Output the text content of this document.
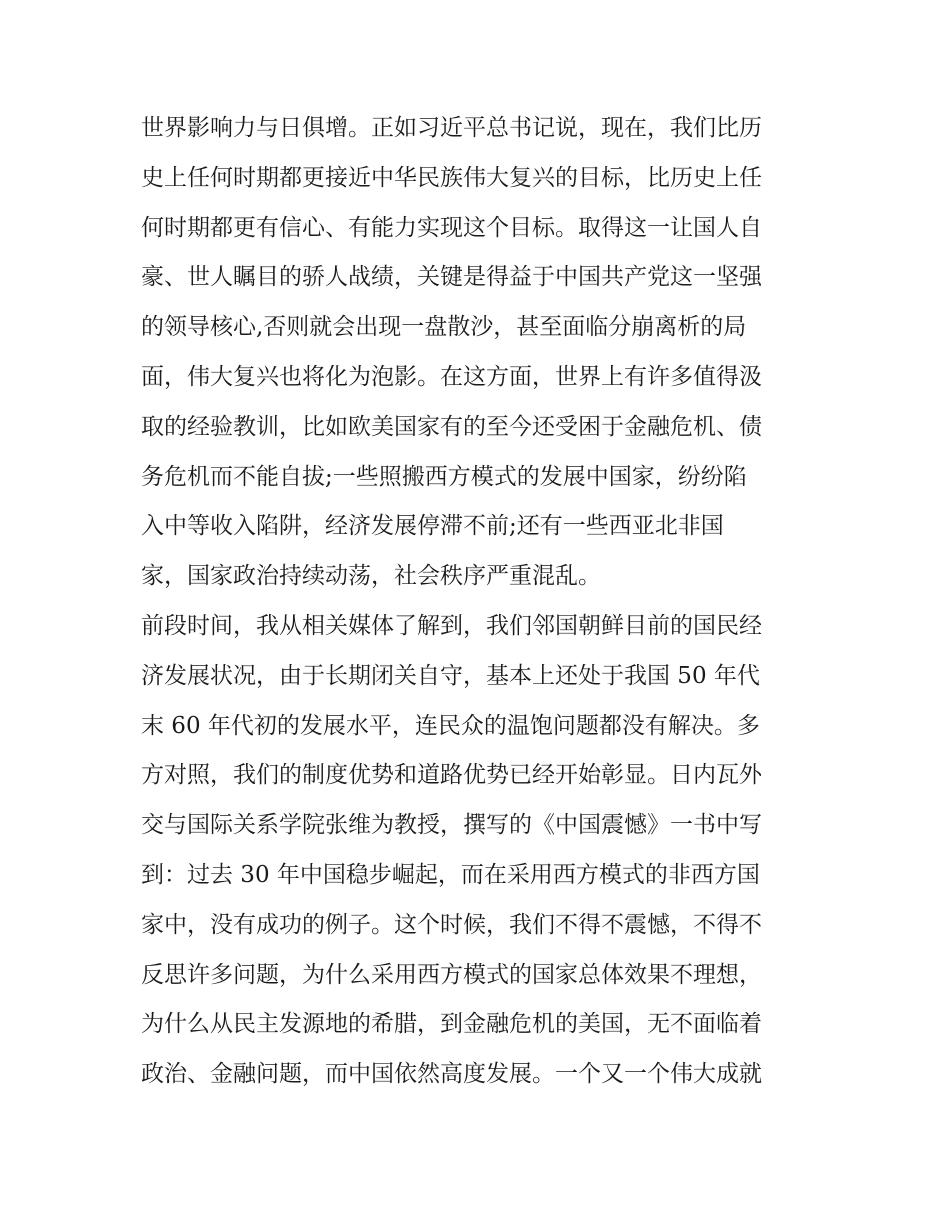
世界影响力与日俱增。正如习近平总书记说，现在，我们比历
史上任何时期都更接近中华民族伟大复兴的目标，比历史上任
何时期都更有信心、有能力实现这个目标。取得这一让国人自
豪、世人瞩目的骄人战绩，关键是得益于中国共产党这一坚强
的领导核心,否则就会出现一盘散沙，甚至面临分崩离析的局
面，伟大复兴也将化为泡影。在这方面，世界上有许多值得汲
取的经验教训，比如欧美国家有的至今还受困于金融危机、债
务危机而不能自拔;一些照搬西方模式的发展中国家，纷纷陷
入中等收入陷阱，经济发展停滞不前;还有一些西亚北非国
家，国家政治持续动荡，社会秩序严重混乱。
前段时间，我从相关媒体了解到，我们邻国朝鲜目前的国民经
济发展状况，由于长期闭关自守，基本上还处于我国 50 年代
末 60 年代初的发展水平，连民众的温饱问题都没有解决。多
方对照，我们的制度优势和道路优势已经开始彰显。日内瓦外
交与国际关系学院张维为教授，撰写的《中国震憾》一书中写
到：过去 30 年中国稳步崛起，而在采用西方模式的非西方国
家中，没有成功的例子。这个时候，我们不得不震憾，不得不
反思许多问题，为什么采用西方模式的国家总体效果不理想，
为什么从民主发源地的希腊，到金融危机的美国，无不面临着
政治、金融问题，而中国依然高度发展。一个又一个伟大成就
